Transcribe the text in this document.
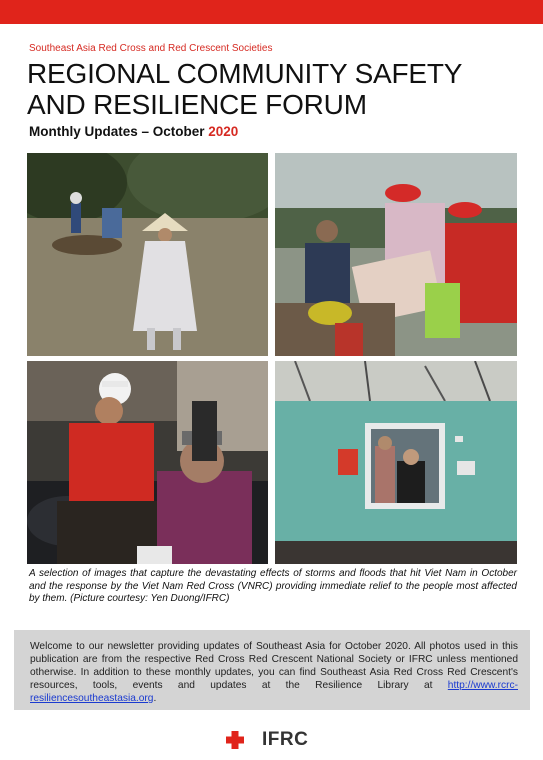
Southeast Asia Red Cross and Red Crescent Societies
REGIONAL COMMUNITY SAFETY
AND RESILIENCE FORUM
Monthly Updates – October 2020
A selection of images that capture the devastating effects of storms and floods that hit Viet Nam in October and the response by the Viet Nam Red Cross (VNRC) providing immediate relief to the people most affected by them. (Picture courtesy: Yen Duong/IFRC)
Welcome to our newsletter providing updates of Southeast Asia for October 2020. All photos used in this publication are from the respective Red Cross Red Crescent National Society or IFRC unless mentioned otherwise. In addition to these monthly updates, you can find Southeast Asia Red Cross Red Crescent's resources, tools, events and updates at the Resilience Library at http://www.rcrc-resiliencesoutheastasia.org.
IFRC
